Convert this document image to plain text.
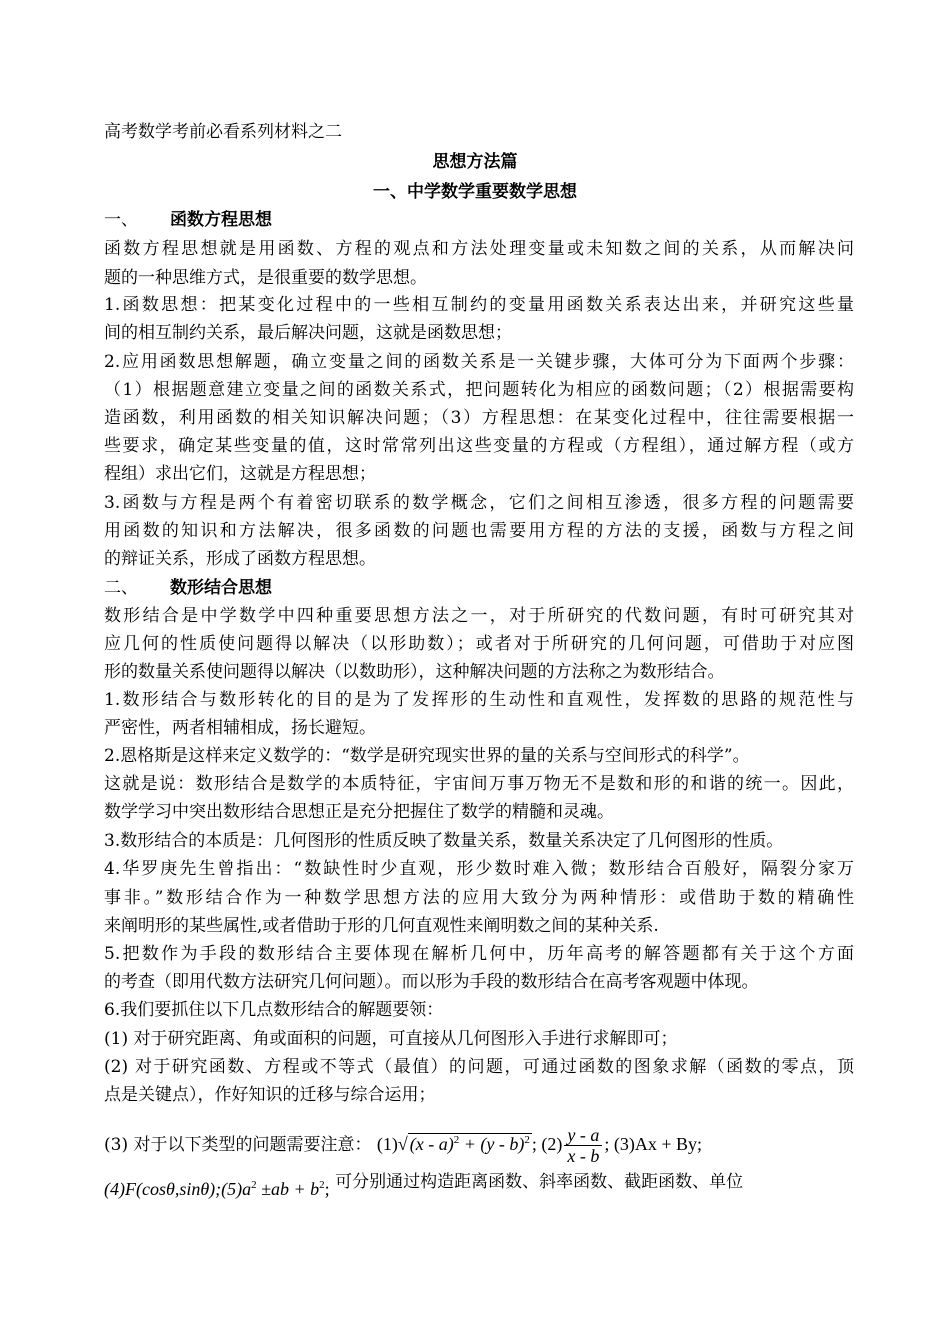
高考数学考前必看系列材料之二
思想方法篇
一、中学数学重要数学思想
一、 函数方程思想
函数方程思想就是用函数、方程的观点和方法处理变量或未知数之间的关系，从而解决问
题的一种思维方式，是很重要的数学思想。
1.函数思想：把某变化过程中的一些相互制约的变量用函数关系表达出来，并研究这些量
间的相互制约关系，最后解决问题，这就是函数思想；
2.应用函数思想解题，确立变量之间的函数关系是一关键步骤，大体可分为下面两个步骤：
（1）根据题意建立变量之间的函数关系式，把问题转化为相应的函数问题；（2）根据需要构
造函数，利用函数的相关知识解决问题；（3）方程思想：在某变化过程中，往往需要根据一
些要求，确定某些变量的值，这时常常列出这些变量的方程或（方程组），通过解方程（或方
程组）求出它们，这就是方程思想；
3.函数与方程是两个有着密切联系的数学概念，它们之间相互渗透，很多方程的问题需要
用函数的知识和方法解决，很多函数的问题也需要用方程的方法的支援，函数与方程之间
的辩证关系，形成了函数方程思想。
二、 数形结合思想
数形结合是中学数学中四种重要思想方法之一，对于所研究的代数问题，有时可研究其对
应几何的性质使问题得以解决（以形助数）；或者对于所研究的几何问题，可借助于对应图
形的数量关系使问题得以解决（以数助形），这种解决问题的方法称之为数形结合。
1.数形结合与数形转化的目的是为了发挥形的生动性和直观性，发挥数的思路的规范性与
严密性，两者相辅相成，扬长避短。
2.恩格斯是这样来定义数学的：“数学是研究现实世界的量的关系与空间形式的科学”。
这就是说：数形结合是数学的本质特征，宇宙间万事万物无不是数和形的和谐的统一。因此，
数学学习中突出数形结合思想正是充分把握住了数学的精髓和灵魂。
3.数形结合的本质是：几何图形的性质反映了数量关系，数量关系决定了几何图形的性质。
4.华罗庚先生曾指出：“数缺性时少直观，形少数时难入微；数形结合百般好，隔裂分家万
事非。”数形结合作为一种数学思想方法的应用大致分为两种情形：或借助于数的精确性
来阐明形的某些属性,或者借助于形的几何直观性来阐明数之间的某种关系.
5.把数作为手段的数形结合主要体现在解析几何中，历年高考的解答题都有关于这个方面
的考查（即用代数方法研究几何问题）。而以形为手段的数形结合在高考客观题中体现。
6.我们要抓住以下几点数形结合的解题要领：
(1) 对于研究距离、角或面积的问题，可直接从几何图形入手进行求解即可；
(2) 对于研究函数、方程或不等式（最值）的问题，可通过函数的图象求解（函数的零点，顶
点是关键点），作好知识的迁移与综合运用；
(3) 对于以下类型的问题需要注意： (1)√ (x - a)$^2$ + (y - b)$^2$ ; $(2) \frac{y - a}{x - b}$ ; (3)Ax + By;
$(4)F(\cos\theta,\sin\theta);(5)a^2 \pm ab + b^2$; 可分别通过构造距离函数、斜率函数、截距函数、单位
